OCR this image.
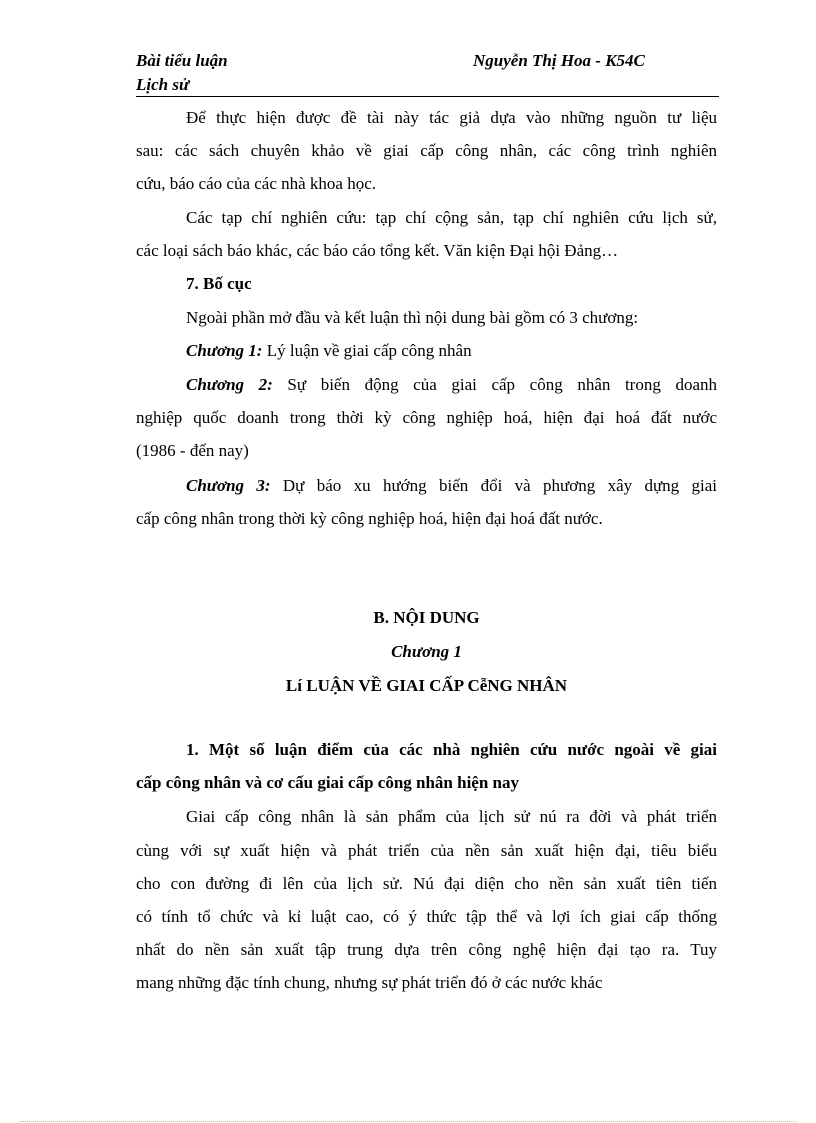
Bài tiểu luận
Lịch sử
Nguyễn Thị Hoa - K54C
Để thực hiện được đề tài này tác giả dựa vào những nguồn tư liệu
sau: các sách chuyên khảo về giai cấp công nhân, các công trình nghiên
cứu, báo cáo của các nhà khoa học.
Các tạp chí nghiên cứu: tạp chí cộng sản, tạp chí nghiên cứu lịch sử,
các loại sách báo khác, các báo cáo tổng kết. Văn kiện Đại hội Đảng…
7. Bố cục
Ngoài phần mở đầu và kết luận thì nội dung bài gồm có 3 chương:
Chương 1: Lý luận về giai cấp công nhân
Chương 2: Sự biến động của giai cấp công nhân trong doanh
nghiệp quốc doanh trong thời kỳ công nghiệp hoá, hiện đại hoá đất nước
(1986 - đến nay)
Chương 3: Dự báo xu hướng biến đổi và phương xây dựng giai
cấp công nhân trong thời kỳ công nghiệp hoá, hiện đại hoá đất nước.
B. NỘI DUNG
Chương 1
Lí LUẬN VỀ GIAI CẤP CễNG NHÂN
1. Một số luận điểm của các nhà nghiên cứu nước ngoài về giai
cấp công nhân và cơ cấu giai cấp công nhân hiện nay
Giai cấp công nhân là sản phẩm của lịch sử nú ra đời và phát triển
cùng với sự xuất hiện và phát triển của nền sản xuất hiện đại, tiêu biểu
cho con đường đi lên của lịch sử. Nú đại diện cho nền sản xuất tiên tiến
có tính tổ chức và kỉ luật cao, có ý thức tập thể và lợi ích giai cấp thống
nhất do nền sản xuất tập trung dựa trên công nghệ hiện đại tạo ra. Tuy
mang những đặc tính chung, nhưng sự phát triển đó ở các nước khác
